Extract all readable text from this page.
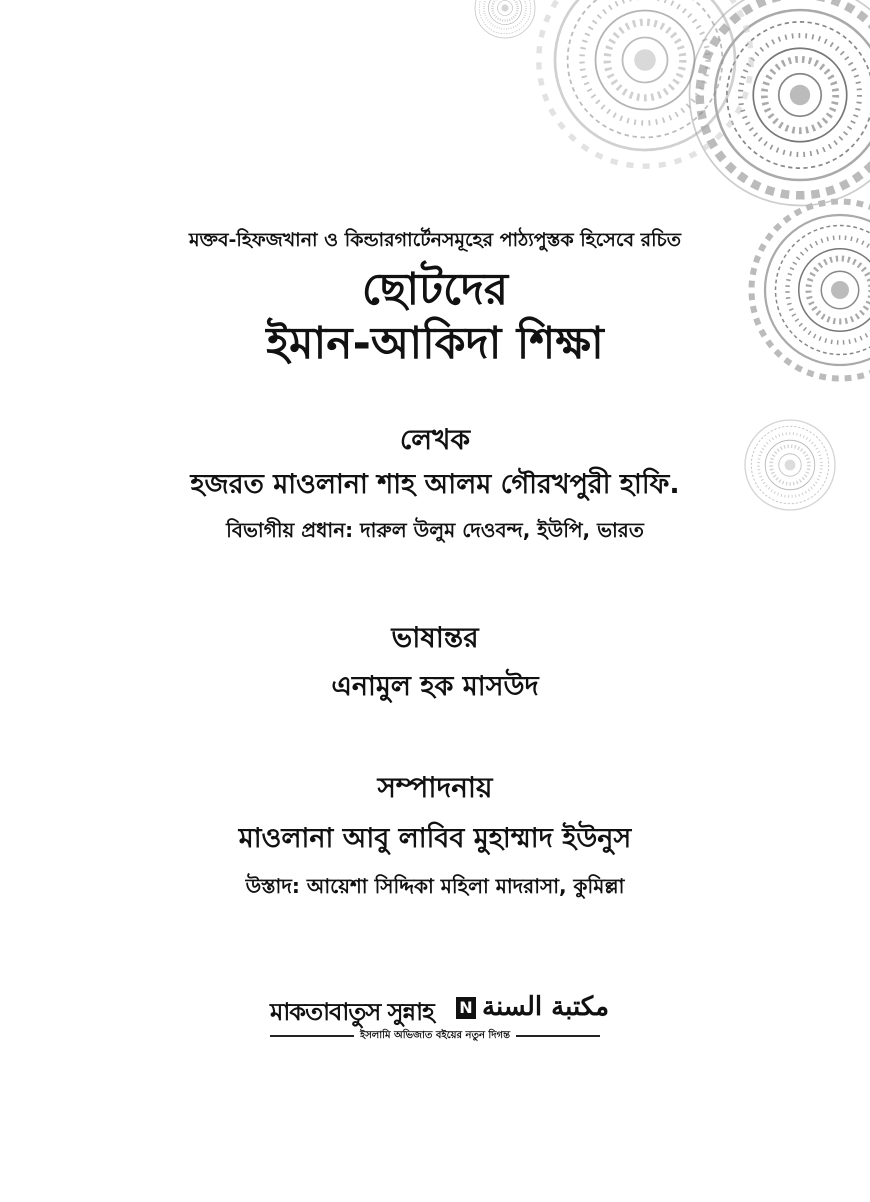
মক্তব-হিফজখানা ও কিন্ডারগার্টেনসমূহের পাঠ্যপুস্তক হিসেবে রচিত
ছোটদের
ইমান-আকিদা শিক্ষা
লেখক
হজরত মাওলানা শাহ আলম গৌরখপুরী হাফি.
বিভাগীয় প্রধান: দারুল উলুম দেওবন্দ, ইউপি, ভারত
ভাষান্তর
এনামুল হক মাসউদ
সম্পাদনায়
মাওলানা আবু লাবিব মুহাম্মাদ ইউনুস
উস্তাদ: আয়েশা সিদ্দিকা মহিলা মাদরাসা, কুমিল্লা
মাকতাবাতুস সুন্নাহ N مكتبة السنة
ইসলামি অভিজাত বইয়ের নতুন দিগন্ত
